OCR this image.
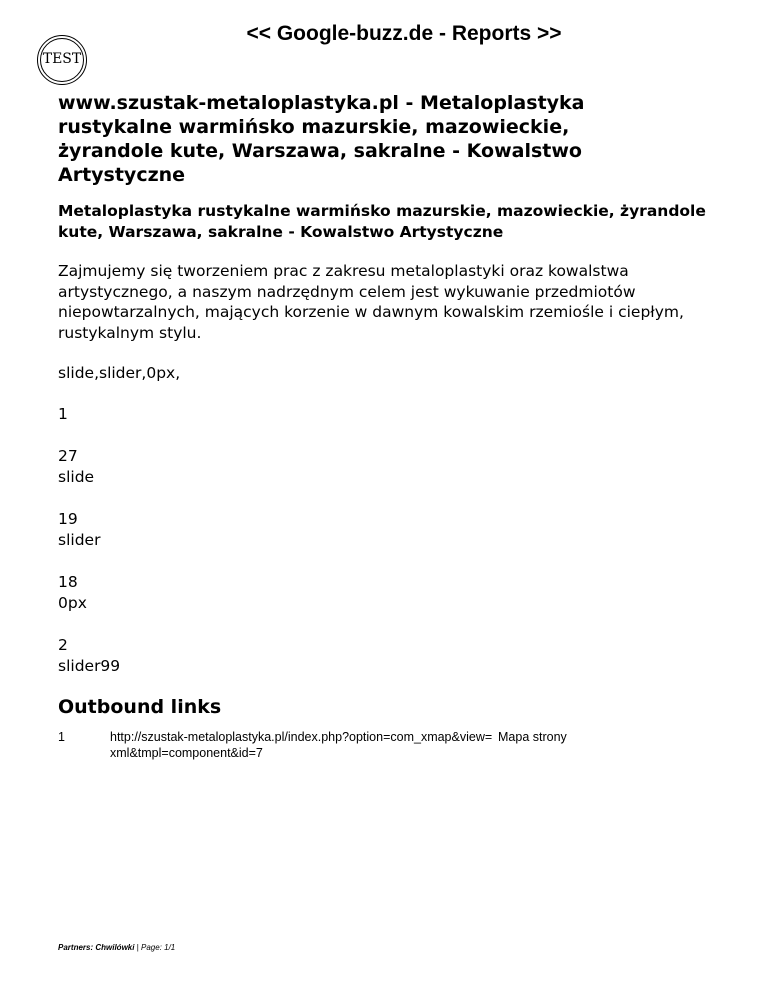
TEST
<< Google-buzz.de - Reports >>
www.szustak-metaloplastyka.pl - Metaloplastyka rustykalne warmińsko mazurskie, mazowieckie, żyrandole kute, Warszawa, sakralne - Kowalstwo Artystyczne
Metaloplastyka rustykalne warmińsko mazurskie, mazowieckie, żyrandole kute, Warszawa, sakralne - Kowalstwo Artystyczne

Zajmujemy się tworzeniem prac z zakresu metaloplastyki oraz kowalstwa artystycznego, a naszym nadrzędnym celem jest wykuwanie przedmiotów niepowtarzalnych, mających korzenie w dawnym kowalskim rzemiośle i ciepłym, rustykalnym stylu.

slide,slider,0px,

1

27
slide
19
slider
18
0px
2
slider99
Outbound links
1	http://szustak-metaloplastyka.pl/index.php?option=com_xmap&view=xml&tmpl=component&id=7
Mapa strony
Partners: Chwilówki | Page: 1/1
